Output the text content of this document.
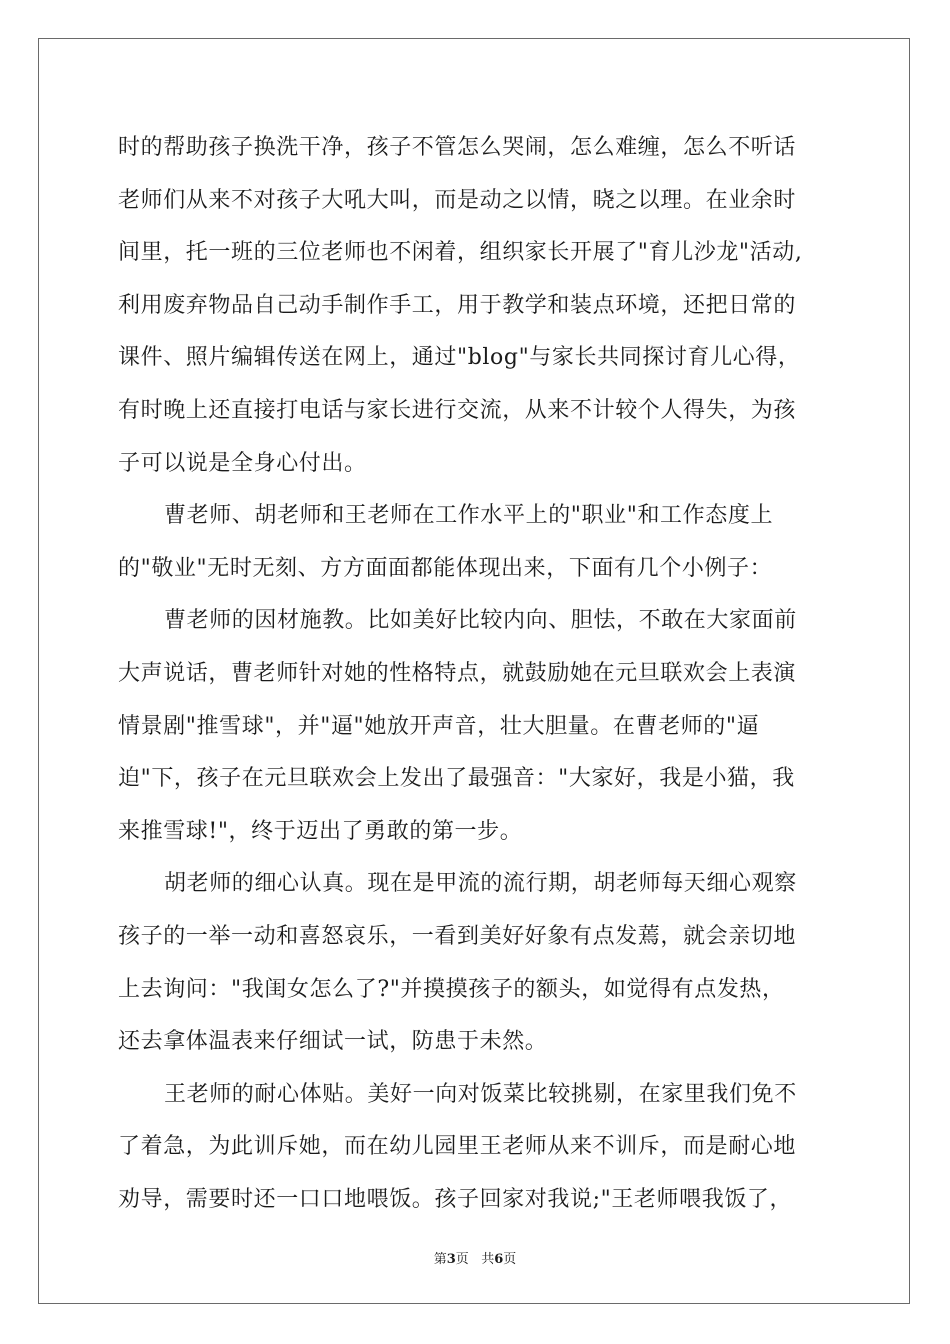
时的帮助孩子换洗干净，孩子不管怎么哭闹，怎么难缠，怎么不听话
老师们从来不对孩子大吼大叫，而是动之以情，晓之以理。在业余时
间里，托一班的三位老师也不闲着，组织家长开展了"育儿沙龙"活动,
利用废弃物品自己动手制作手工，用于教学和装点环境，还把日常的
课件、照片编辑传送在网上，通过"blog"与家长共同探讨育儿心得，
有时晚上还直接打电话与家长进行交流，从来不计较个人得失，为孩
子可以说是全身心付出。
曹老师、胡老师和王老师在工作水平上的"职业"和工作态度上
的"敬业"无时无刻、方方面面都能体现出来，下面有几个小例子：
曹老师的因材施教。比如美好比较内向、胆怯，不敢在大家面前
大声说话，曹老师针对她的性格特点，就鼓励她在元旦联欢会上表演
情景剧"推雪球"，并"逼"她放开声音，壮大胆量。在曹老师的"逼
迫"下，孩子在元旦联欢会上发出了最强音："大家好，我是小猫，我
来推雪球!"，终于迈出了勇敢的第一步。
胡老师的细心认真。现在是甲流的流行期，胡老师每天细心观察
孩子的一举一动和喜怒哀乐，一看到美好好象有点发蔫，就会亲切地
上去询问："我闺女怎么了?"并摸摸孩子的额头，如觉得有点发热，
还去拿体温表来仔细试一试，防患于未然。
王老师的耐心体贴。美好一向对饭菜比较挑剔，在家里我们免不
了着急，为此训斥她，而在幼儿园里王老师从来不训斥，而是耐心地
劝导，需要时还一口口地喂饭。孩子回家对我说;"王老师喂我饭了，
第3页 共6页
